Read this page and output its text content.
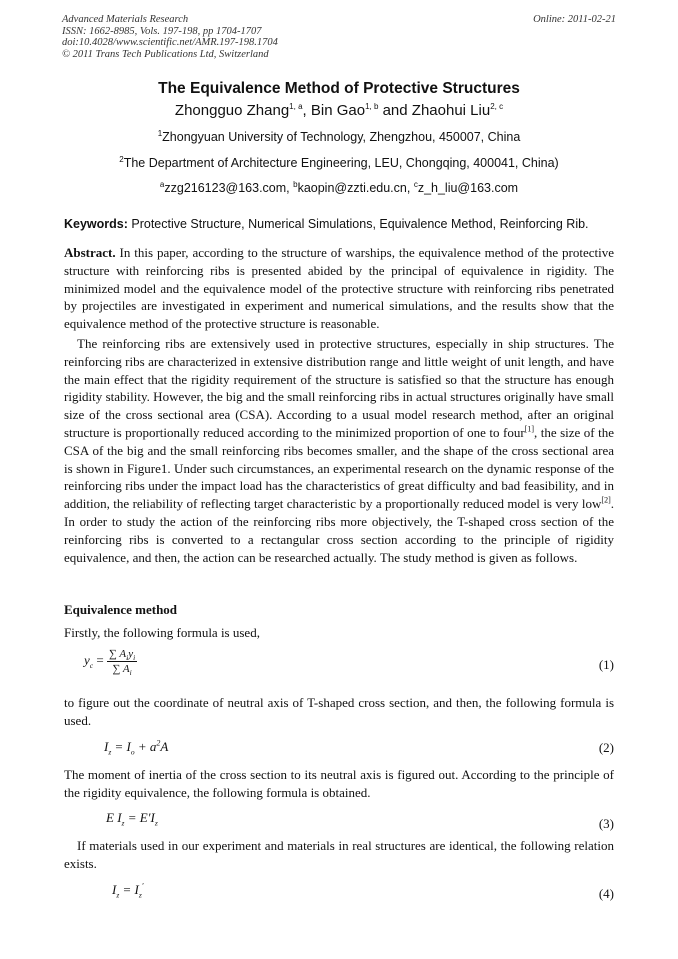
Advanced Materials Research
ISSN: 1662-8985, Vols. 197-198, pp 1704-1707
doi:10.4028/www.scientific.net/AMR.197-198.1704
© 2011 Trans Tech Publications Ltd, Switzerland
Online: 2011-02-21
The Equivalence Method of Protective Structures
Zhongguo Zhang$^{1, a}$, Bin Gao$^{1, b}$ and Zhaohui Liu$^{2, c}$
$^1$Zhongyuan University of Technology, Zhengzhou, 450007, China
$^2$The Department of Architecture Engineering, LEU, Chongqing, 400041, China)
$^a$zzg216123@163.com, $^b$kaopin@zzti.edu.cn, $^c$z_h_liu@163.com
Keywords: Protective Structure, Numerical Simulations, Equivalence Method, Reinforcing Rib.
Abstract. In this paper, according to the structure of warships, the equivalence method of the protective structure with reinforcing ribs is presented abided by the principal of equivalence in rigidity. The minimized model and the equivalence model of the protective structure with reinforcing ribs penetrated by projectiles are investigated in experiment and numerical simulations, and the results show that the equivalence method of the protective structure is reasonable.
The reinforcing ribs are extensively used in protective structures, especially in ship structures. The reinforcing ribs are characterized in extensive distribution range and little weight of unit length, and have the main effect that the rigidity requirement of the structure is satisfied so that the structure has enough rigidity stability. However, the big and the small reinforcing ribs in actual structures originally have small size of the cross sectional area (CSA). According to a usual model research method, after an original structure is proportionally reduced according to the minimized proportion of one to four[1], the size of the CSA of the big and the small reinforcing ribs becomes smaller, and the shape of the cross sectional area is shown in Figure1. Under such circumstances, an experimental research on the dynamic response of the reinforcing ribs under the impact load has the characteristics of great difficulty and bad feasibility, and in addition, the reliability of reflecting target characteristic by a proportionally reduced model is very low[2]. In order to study the action of the reinforcing ribs more objectively, the T-shaped cross section of the reinforcing ribs is converted to a rectangular cross section according to the principle of rigidity equivalence, and then, the action can be researched actually. The study method is given as follows.
Equivalence method
Firstly, the following formula is used,
$y_c = \frac{\sum A_iy_i}{\sum A_i}$	(1)
to figure out the coordinate of neutral axis of T-shaped cross section, and then, the following formula is used.
$I_z = I_o + a^2A$	(2)
The moment of inertia of the cross section to its neutral axis is figured out. According to the principle of the rigidity equivalence, the following formula is obtained.
E $I_z = E'I_z$	(3)
If materials used in our experiment and materials in real structures are identical, the following relation exists.
$I_z = I_z'$	(4)
